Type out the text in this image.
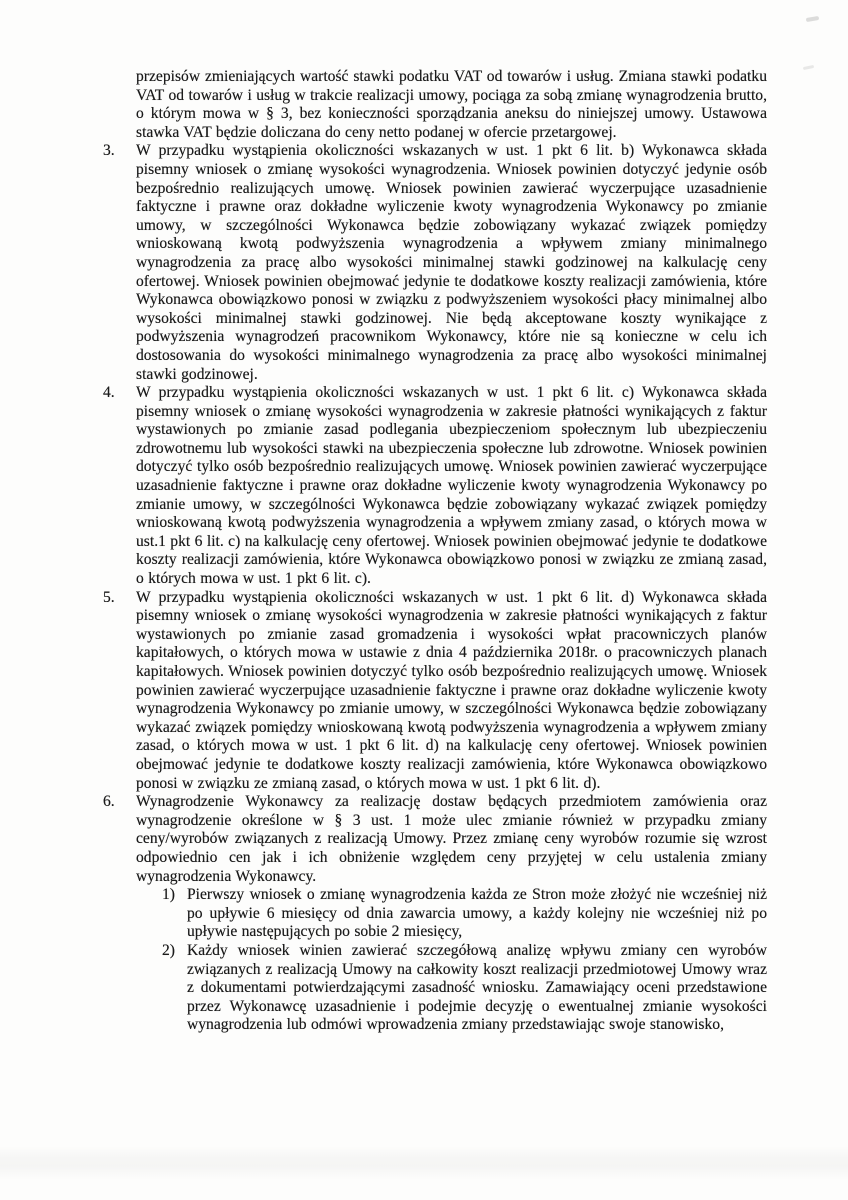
przepisów zmieniających wartość stawki podatku VAT od towarów i usług. Zmiana stawki podatku VAT od towarów i usług w trakcie realizacji umowy, pociąga za sobą zmianę wynagrodzenia brutto, o którym mowa w § 3, bez konieczności sporządzania aneksu do niniejszej umowy. Ustawowa stawka VAT będzie doliczana do ceny netto podanej w ofercie przetargowej.

3.	W przypadku wystąpienia okoliczności wskazanych w ust. 1 pkt 6 lit. b) Wykonawca składa pisemny wniosek o zmianę wysokości wynagrodzenia. Wniosek powinien dotyczyć jedynie osób bezpośrednio realizujących umowę. Wniosek powinien zawierać wyczerpujące uzasadnienie faktyczne i prawne oraz dokładne wyliczenie kwoty wynagrodzenia Wykonawcy po zmianie umowy, w szczególności Wykonawca będzie zobowiązany wykazać związek pomiędzy wnioskowaną kwotą podwyższenia wynagrodzenia a wpływem zmiany minimalnego wynagrodzenia za pracę albo wysokości minimalnej stawki godzinowej na kalkulację ceny ofertowej. Wniosek powinien obejmować jedynie te dodatkowe koszty realizacji zamówienia, które Wykonawca obowiązkowo ponosi w związku z podwyższeniem wysokości płacy minimalnej albo wysokości minimalnej stawki godzinowej. Nie będą akceptowane koszty wynikające z podwyższenia wynagrodzeń pracownikom Wykonawcy, które nie są konieczne w celu ich dostosowania do wysokości minimalnego wynagrodzenia za pracę albo wysokości minimalnej stawki godzinowej.
4.	W przypadku wystąpienia okoliczności wskazanych w ust. 1 pkt 6 lit. c) Wykonawca składa pisemny wniosek o zmianę wysokości wynagrodzenia w zakresie płatności wynikających z faktur wystawionych po zmianie zasad podlegania ubezpieczeniom społecznym lub ubezpieczeniu zdrowotnemu lub wysokości stawki na ubezpieczenia społeczne lub zdrowotne. Wniosek powinien dotyczyć tylko osób bezpośrednio realizujących umowę. Wniosek powinien zawierać wyczerpujące uzasadnienie faktyczne i prawne oraz dokładne wyliczenie kwoty wynagrodzenia Wykonawcy po zmianie umowy, w szczególności Wykonawca będzie zobowiązany wykazać związek pomiędzy wnioskowaną kwotą podwyższenia wynagrodzenia a wpływem zmiany zasad, o których mowa w ust.1 pkt 6 lit. c) na kalkulację ceny ofertowej. Wniosek powinien obejmować jedynie te dodatkowe koszty realizacji zamówienia, które Wykonawca obowiązkowo ponosi w związku ze zmianą zasad, o których mowa w ust. 1 pkt 6 lit. c).
5.	W przypadku wystąpienia okoliczności wskazanych w ust. 1 pkt 6 lit. d) Wykonawca składa pisemny wniosek o zmianę wysokości wynagrodzenia w zakresie płatności wynikających z faktur wystawionych po zmianie zasad gromadzenia i wysokości wpłat pracowniczych planów kapitałowych, o których mowa w ustawie z dnia 4 października 2018r. o pracowniczych planach kapitałowych. Wniosek powinien dotyczyć tylko osób bezpośrednio realizujących umowę. Wniosek powinien zawierać wyczerpujące uzasadnienie faktyczne i prawne oraz dokładne wyliczenie kwoty wynagrodzenia Wykonawcy po zmianie umowy, w szczególności Wykonawca będzie zobowiązany wykazać związek pomiędzy wnioskowaną kwotą podwyższenia wynagrodzenia a wpływem zmiany zasad, o których mowa w ust. 1 pkt 6 lit. d) na kalkulację ceny ofertowej. Wniosek powinien obejmować jedynie te dodatkowe koszty realizacji zamówienia, które Wykonawca obowiązkowo ponosi w związku ze zmianą zasad, o których mowa w ust. 1 pkt 6 lit. d).
6.	Wynagrodzenie Wykonawcy za realizację dostaw będących przedmiotem zamówienia oraz wynagrodzenie określone w § 3 ust. 1 może ulec zmianie również w przypadku zmiany ceny/wyrobów związanych z realizacją Umowy. Przez zmianę ceny wyrobów rozumie się wzrost odpowiednio cen jak i ich obniżenie względem ceny przyjętej w celu ustalenia zmiany wynagrodzenia Wykonawcy.
1) Pierwszy wniosek o zmianę wynagrodzenia każda ze Stron może złożyć nie wcześniej niż po upływie 6 miesięcy od dnia zawarcia umowy, a każdy kolejny nie wcześniej niż po upływie następujących po sobie 2 miesięcy,
2) Każdy wniosek winien zawierać szczegółową analizę wpływu zmiany cen wyrobów związanych z realizacją Umowy na całkowity koszt realizacji przedmiotowej Umowy wraz z dokumentami potwierdzającymi zasadność wniosku. Zamawiający oceni przedstawione przez Wykonawcę uzasadnienie i podejmie decyzję o ewentualnej zmianie wysokości wynagrodzenia lub odmówi wprowadzenia zmiany przedstawiając swoje stanowisko,
